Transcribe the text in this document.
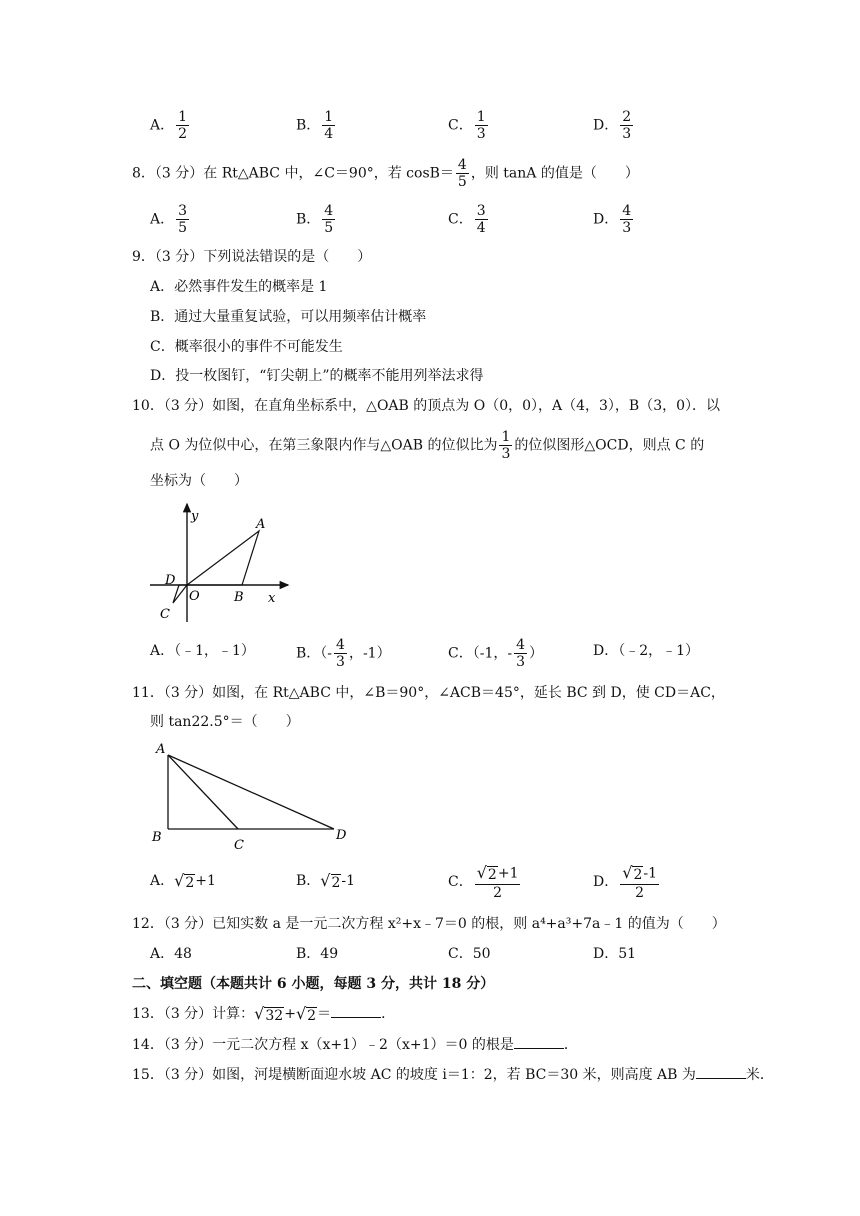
A． $\frac{1}{2}$	B． $\frac{1}{4}$	C． $\frac{1}{3}$	D． $\frac{2}{3}$
8．（3 分）在 Rt△ABC 中，∠C＝90°，若 $\cos B= \frac{4}{5}$ ，则 tanA 的值是（　　）
A． $\frac{3}{5}$	B． $\frac{4}{5}$	C． $\frac{3}{4}$	D． $\frac{4}{3}$
9．（3 分）下列说法错误的是（　　）
A．必然事件发生的概率是 1
B．通过大量重复试验，可以用频率估计概率
C．概率很小的事件不可能发生
D．投一枚图钉，“钉尖朝上”的概率不能用列举法求得
10．（3 分）如图，在直角坐标系中，△OAB 的顶点为 O（0，0），A（4，3），B（3，0）．以
点 O 为位似中心，在第三象限内作与△OAB 的位似比为 $\frac{1}{3}$ 的位似图形△OCD，则点 C 的
坐标为（　　）
y
A
D
O	B x
C
A．（﹣1，﹣1）	B．（- $\frac{4}{3}$ ，-1）	C．（-1，- $\frac{4}{3}$ ）	D．（﹣2，﹣1）
11．（3 分）如图，在 Rt△ABC 中，∠B＝90°，∠ACB＝45°，延长 BC 到 D，使 CD＝AC，
则 tan22.5°＝（　　）
A
B
C
D
A． √ 2 +1	B． √ 2 -1	C． $\frac{√ 2 +1}{2}$	D． $\frac{√ 2 -1}{2}$
12．（3 分）已知实数 a 是一元二次方程 x²+x﹣7＝0 的根，则 a⁴+a³+7a﹣1 的值为（　　）
A．48	B．49	C．50	D．51
二、填空题（本题共计 6 小题，每题 3 分，共计 18 分）
13．（3 分）计算： √ 32 + √ 2 ＝	．
14．（3 分）一元二次方程 x（x+1）﹣2（x+1）＝0 的根是	．
15．（3 分）如图，河堤横断面迎水坡 AC 的坡度 i＝1：2，若 BC＝30 米，则高度 AB 为	米．
